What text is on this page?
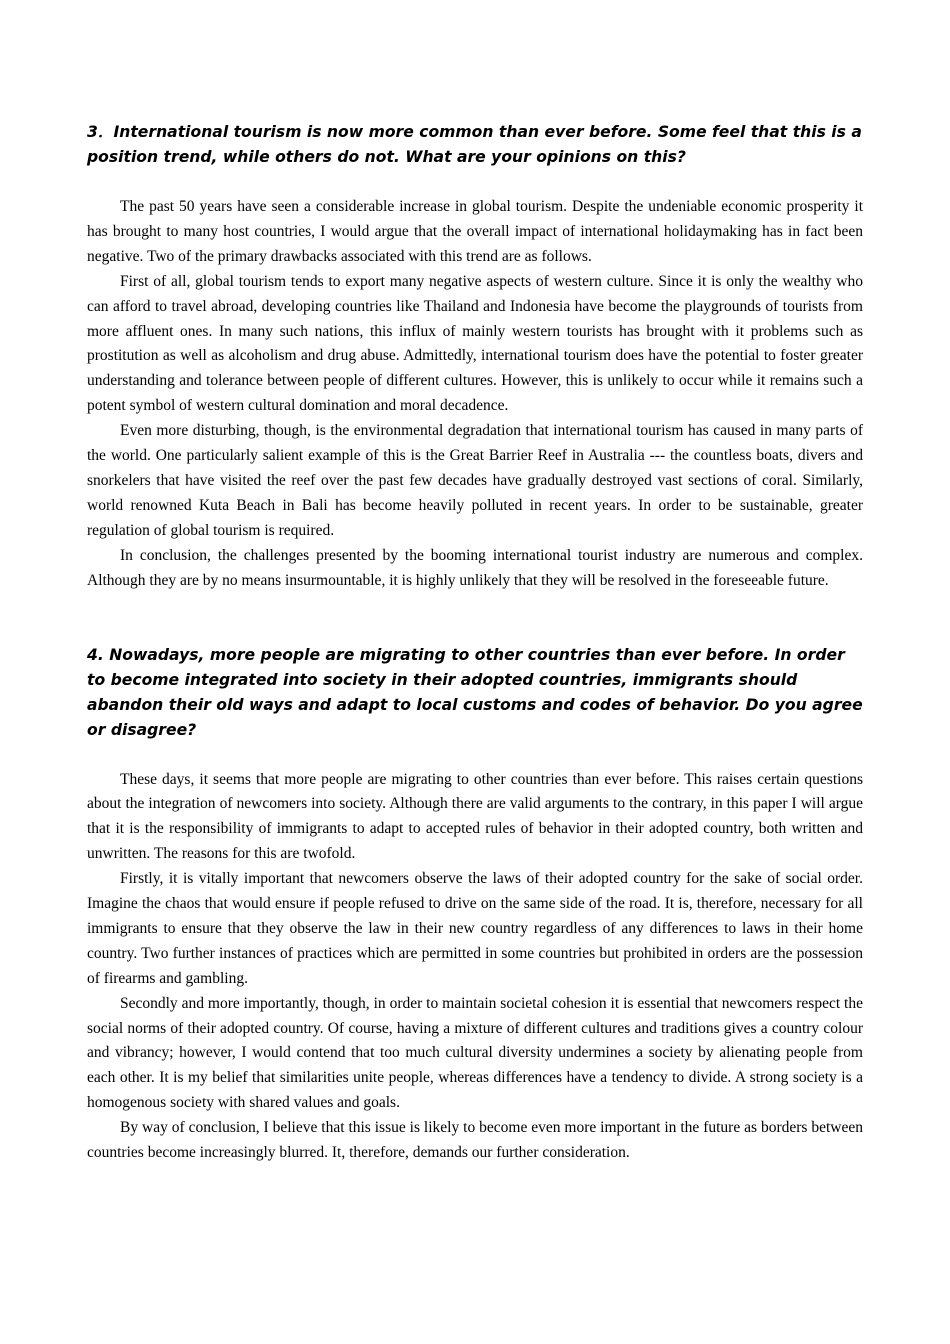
3．International tourism is now more common than ever before. Some feel that this is a position trend, while others do not. What are your opinions on this?

The past 50 years have seen a considerable increase in global tourism. Despite the undeniable economic prosperity it has brought to many host countries, I would argue that the overall impact of international holidaymaking has in fact been negative. Two of the primary drawbacks associated with this trend are as follows.

First of all, global tourism tends to export many negative aspects of western culture. Since it is only the wealthy who can afford to travel abroad, developing countries like Thailand and Indonesia have become the playgrounds of tourists from more affluent ones. In many such nations, this influx of mainly western tourists has brought with it problems such as prostitution as well as alcoholism and drug abuse. Admittedly, international tourism does have the potential to foster greater understanding and tolerance between people of different cultures. However, this is unlikely to occur while it remains such a potent symbol of western cultural domination and moral decadence.

Even more disturbing, though, is the environmental degradation that international tourism has caused in many parts of the world. One particularly salient example of this is the Great Barrier Reef in Australia --- the countless boats, divers and snorkelers that have visited the reef over the past few decades have gradually destroyed vast sections of coral. Similarly, world renowned Kuta Beach in Bali has become heavily polluted in recent years. In order to be sustainable, greater regulation of global tourism is required.

In conclusion, the challenges presented by the booming international tourist industry are numerous and complex. Although they are by no means insurmountable, it is highly unlikely that they will be resolved in the foreseeable future.

4. Nowadays, more people are migrating to other countries than ever before. In order to become integrated into society in their adopted countries, immigrants should abandon their old ways and adapt to local customs and codes of behavior. Do you agree or disagree?

These days, it seems that more people are migrating to other countries than ever before. This raises certain questions about the integration of newcomers into society. Although there are valid arguments to the contrary, in this paper I will argue that it is the responsibility of immigrants to adapt to accepted rules of behavior in their adopted country, both written and unwritten. The reasons for this are twofold.

Firstly, it is vitally important that newcomers observe the laws of their adopted country for the sake of social order. Imagine the chaos that would ensure if people refused to drive on the same side of the road. It is, therefore, necessary for all immigrants to ensure that they observe the law in their new country regardless of any differences to laws in their home country. Two further instances of practices which are permitted in some countries but prohibited in orders are the possession of firearms and gambling.

Secondly and more importantly, though, in order to maintain societal cohesion it is essential that newcomers respect the social norms of their adopted country. Of course, having a mixture of different cultures and traditions gives a country colour and vibrancy; however, I would contend that too much cultural diversity undermines a society by alienating people from each other. It is my belief that similarities unite people, whereas differences have a tendency to divide. A strong society is a homogenous society with shared values and goals.

By way of conclusion, I believe that this issue is likely to become even more important in the future as borders between countries become increasingly blurred. It, therefore, demands our further consideration.
